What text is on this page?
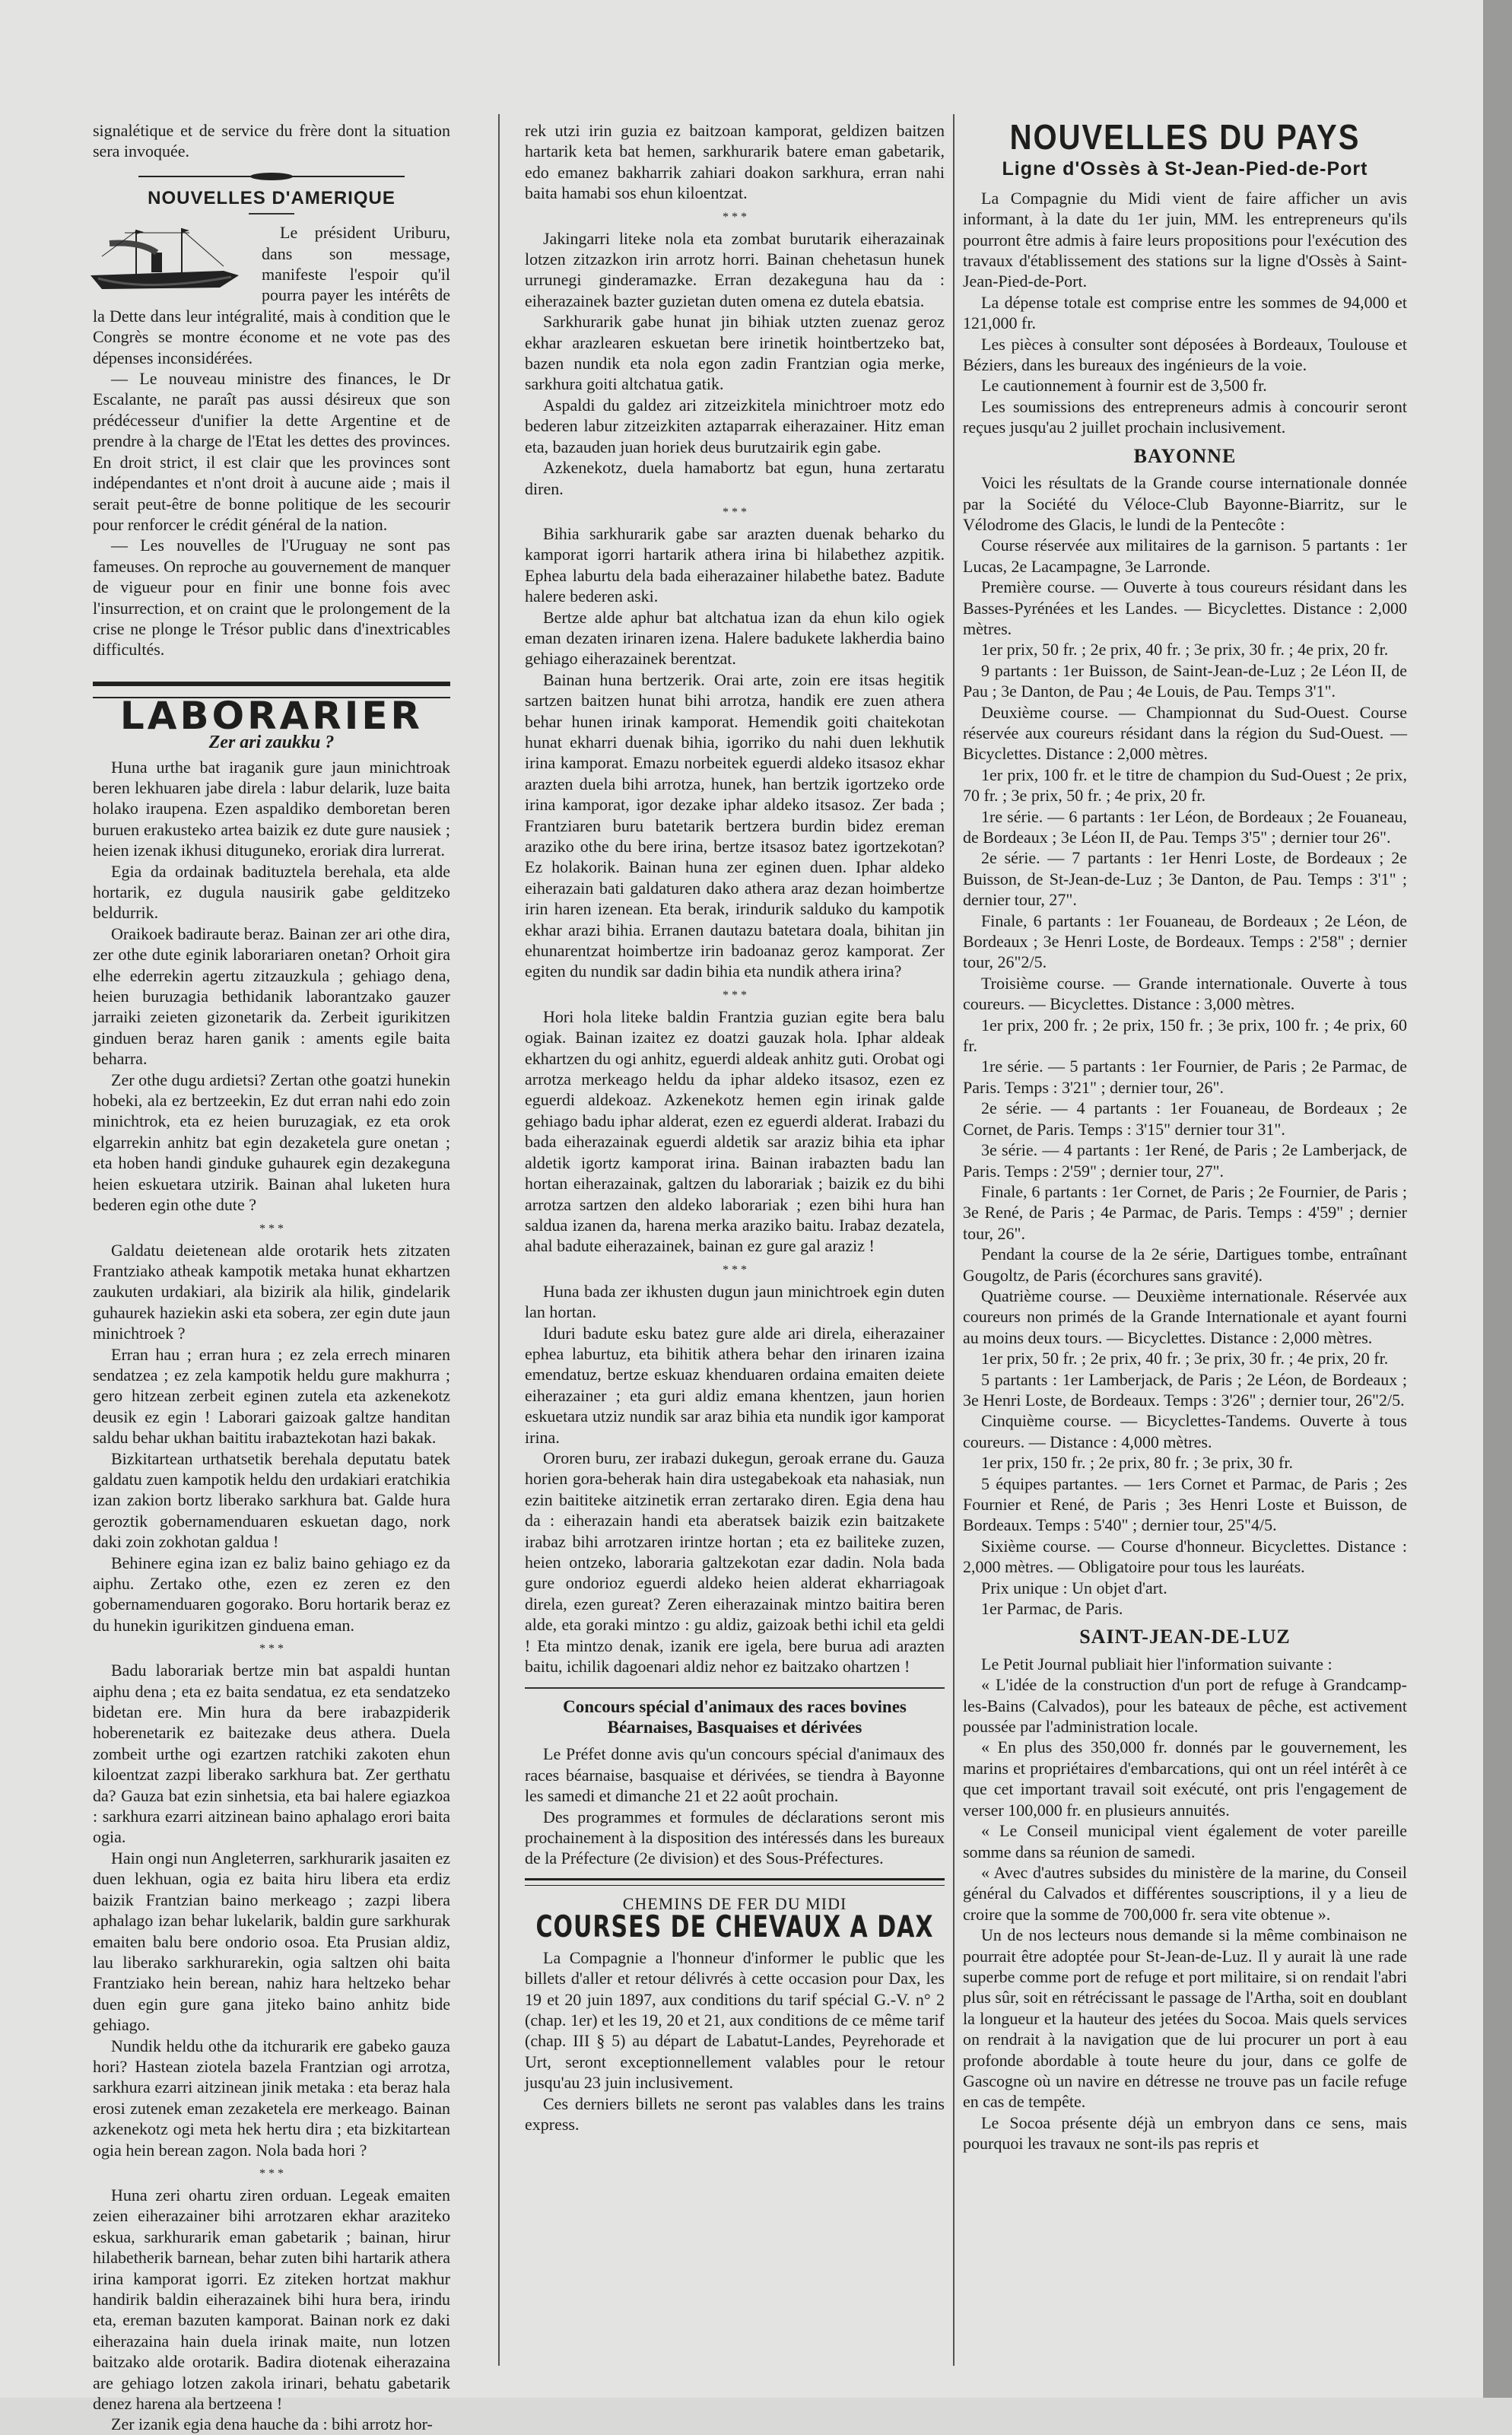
signalétique et de service du frère dont la situation sera invoquée.

NOUVELLES D'AMERIQUE

Le président Uriburu, dans son message, manifeste l'espoir qu'il pourra payer les intérêts de la Dette dans leur intégralité, mais à condition que le Congrès se montre économe et ne vote pas des dépenses inconsidérées.

— Le nouveau ministre des finances, le Dr Escalante, ne paraît pas aussi désireux que son prédécesseur d'unifier la dette Argentine et de prendre à la charge de l'Etat les dettes des provinces. En droit strict, il est clair que les provinces sont indépendantes et n'ont droit à aucune aide ; mais il serait peut-être de bonne politique de les secourir pour renforcer le crédit général de la nation.

— Les nouvelles de l'Uruguay ne sont pas fameuses. On reproche au gouvernement de manquer de vigueur pour en finir une bonne fois avec l'insurrection, et on craint que le prolongement de la crise ne plonge le Trésor public dans d'inextricables difficultés.

LABORARIER
Zer ari zaukku ?

Huna urthe bat iraganik gure jaun minichtroak beren lekhuaren jabe direla : labur delarik, luze baita holako iraupena. Ezen aspaldiko demboretan beren buruen erakusteko artea baizik ez dute gure nausiek ; heien izenak ikhusi dituguneko, eroriak dira lurrerat.

Egia da ordainak badituztela berehala, eta alde hortarik, ez dugula nausirik gabe gelditzeko beldurrik.

Oraikoek badiraute beraz. Bainan zer ari othe dira, zer othe dute eginik laborariaren onetan? Orhoit gira elhe ederrekin agertu zitzauzkula ; gehiago dena, heien buruzagia bethidanik laborantzako gauzer jarraiki zeieten gizonetarik da. Zerbeit igurikitzen ginduen beraz haren ganik : aments egile baita beharra.

Zer othe dugu ardietsi? Zertan othe goatzi hunekin hobeki, ala ez bertzeekin, Ez dut erran nahi edo zoin minichtrok, eta ez heien buruzagiak, ez eta orok elgarrekin anhitz bat egin dezaketela gure onetan ; eta hoben handi ginduke guhaurek egin dezakeguna heien eskuetara utzirik. Bainan ahal luketen hura bederen egin othe dute ?

* * *

Galdatu deietenean alde orotarik hets zitzaten Frantziako atheak kampotik metaka hunat ekhartzen zaukuten urdakiari, ala bizirik ala hilik, gindelarik guhaurek haziekin aski eta sobera, zer egin dute jaun minichtroek ?

Erran hau ; erran hura ; ez zela errech minaren sendatzea ; ez zela kampotik heldu gure makhurra ; gero hitzean zerbeit eginen zutela eta azkenekotz deusik ez egin ! Laborari gaizoak galtze handitan saldu behar ukhan baititu irabaztekotan hazi bakak.

Bizkitartean urthatsetik berehala deputatu batek galdatu zuen kampotik heldu den urdakiari eratchikia izan zakion bortz liberako sarkhura bat. Galde hura geroztik gobernamenduaren eskuetan dago, nork daki zoin zokhotan galdua !

Behinere egina izan ez baliz baino gehiago ez da aiphu. Zertako othe, ezen ez zeren ez den gobernamenduaren gogorako. Boru hortarik beraz ez du hunekin igurikitzen ginduena eman.

* * *

Badu laborariak bertze min bat aspaldi huntan aiphu dena ; eta ez baita sendatua, ez eta sendatzeko bidetan ere. Min hura da bere irabazpiderik hoberenetarik ez baitezake deus athera. Duela zombeit urthe ogi ezartzen ratchiki zakoten ehun kiloentzat zazpi liberako sarkhura bat. Zer gerthatu da? Gauza bat ezin sinhetsia, eta bai halere egiazkoa : sarkhura ezarri aitzinean baino aphalago erori baita ogia.

Hain ongi nun Angleterren, sarkhurarik jasaiten ez duen lekhuan, ogia ez baita hiru libera eta erdiz baizik Frantzian baino merkeago ; zazpi libera aphalago izan behar lukelarik, baldin gure sarkhurak emaiten balu bere ondorio osoa. Eta Prusian aldiz, lau liberako sarkhurarekin, ogia saltzen ohi baita Frantziako hein berean, nahiz hara heltzeko behar duen egin gure gana jiteko baino anhitz bide gehiago.

Nundik heldu othe da itchurarik ere gabeko gauza hori? Hastean ziotela bazela Frantzian ogi arrotza, sarkhura ezarri aitzinean jinik metaka : eta beraz hala erosi zutenek eman zezaketela ere merkeago. Bainan azkenekotz ogi meta hek hertu dira ; eta bizkitartean ogia hein berean zagon. Nola bada hori ?

* * *

Huna zeri ohartu ziren orduan. Legeak emaiten zeien eiherazainer bihi arrotzaren ekhar araziteko eskua, sarkhurarik eman gabetarik ; bainan, hirur hilabetherik barnean, behar zuten bihi hartarik athera irina kamporat igorri. Ez ziteken hortzat makhur handirik baldin eiherazainek bihi hura bera, irindu eta, ereman bazuten kamporat. Bainan nork ez daki eiherazaina hain duela irinak maite, nun lotzen baitzako alde orotarik. Badira diotenak eiherazaina are gehiago lotzen zakola irinari, behatu gabetarik denez harena ala bertzeena !

Zer izanik egia dena hauche da : bihi arrotz hor-

rek utzi irin guzia ez baitzoan kamporat, geldizen baitzen hartarik keta bat hemen, sarkhurarik batere eman gabetarik, edo emanez bakharrik zahiari doakon sarkhura, erran nahi baita hamabi sos ehun kiloentzat.

* * *

Jakingarri liteke nola eta zombat burutarik eiherazainak lotzen zitzazkon irin arrotz horri. Bainan chehetasun hunek urrunegi ginderamazke. Erran dezakeguna hau da : eiherazainek bazter guzietan duten omena ez dutela ebatsia.

Sarkhurarik gabe hunat jin bihiak utzten zuenaz geroz ekhar arazlearen eskuetan bere irinetik hointbertzeko bat, bazen nundik eta nola egon zadin Frantzian ogia merke, sarkhura goiti altchatua gatik.

Aspaldi du galdez ari zitzeizkitela minichtroer motz edo bederen labur zitzeizkiten aztaparrak eiherazainer. Hitz eman eta, bazauden juan horiek deus burutzairik egin gabe.

Azkenekotz, duela hamabortz bat egun, huna zertaratu diren.

* * *

Bihia sarkhurarik gabe sar arazten duenak beharko du kamporat igorri hartarik athera irina bi hilabethez azpitik. Ephea laburtu dela bada eiherazainer hilabethe batez. Badute halere bederen aski.

Bertze alde aphur bat altchatua izan da ehun kilo ogiek eman dezaten irinaren izena. Halere badukete lakherdia baino gehiago eiherazainek berentzat.

Bainan huna bertzerik. Orai arte, zoin ere itsas hegitik sartzen baitzen hunat bihi arrotza, handik ere zuen athera behar hunen irinak kamporat. Hemendik goiti chaitekotan hunat ekharri duenak bihia, igorriko du nahi duen lekhutik irina kamporat. Emazu norbeitek eguerdi aldeko itsasoz ekhar arazten duela bihi arrotza, hunek, han bertzik igortzeko orde irina kamporat, igor dezake iphar aldeko itsasoz. Zer bada ; Frantziaren buru batetarik bertzera burdin bidez ereman araziko othe du bere irina, bertze itsasoz batez igortzekotan? Ez holakorik. Bainan huna zer eginen duen. Iphar aldeko eiherazain bati galdaturen dako athera araz dezan hoimbertze irin haren izenean. Eta berak, irindurik salduko du kampotik ekhar arazi bihia. Erranen dautazu batetara doala, bihitan jin ehunarentzat hoimbertze irin badoanaz geroz kamporat. Zer egiten du nundik sar dadin bihia eta nundik athera irina?

* * *

Hori hola liteke baldin Frantzia guzian egite bera balu ogiak. Bainan izaitez ez doatzi gauzak hola. Iphar aldeak ekhartzen du ogi anhitz, eguerdi aldeak anhitz guti. Orobat ogi arrotza merkeago heldu da iphar aldeko itsasoz, ezen ez eguerdi aldekoaz. Azkenekotz hemen egin irinak galde gehiago badu iphar alderat, ezen ez eguerdi alderat. Irabazi du bada eiherazainak eguerdi aldetik sar araziz bihia eta iphar aldetik igortz kamporat irina. Bainan irabazten badu lan hortan eiherazainak, galtzen du laborariak ; baizik ez du bihi arrotza sartzen den aldeko laborariak ; ezen bihi hura han saldua izanen da, harena merka araziko baitu. Irabaz dezatela, ahal badute eiherazainek, bainan ez gure gal araziz !

* * *

Huna bada zer ikhusten dugun jaun minichtroek egin duten lan hortan.

Iduri badute esku batez gure alde ari direla, eiherazainer ephea laburtuz, eta bihitik athera behar den irinaren izaina emendatuz, bertze eskuaz khenduaren ordaina emaiten deiete eiherazainer ; eta guri aldiz emana khentzen, jaun horien eskuetara utziz nundik sar araz bihia eta nundik igor kamporat irina.

Ororen buru, zer irabazi dukegun, geroak errane du. Gauza horien gora-beherak hain dira ustegabekoak eta nahasiak, nun ezin baititeke aitzinetik erran zertarako diren. Egia dena hau da : eiherazain handi eta aberatsek baizik ezin baitzakete irabaz bihi arrotzaren irintze hortan ; eta ez bailiteke zuzen, heien ontzeko, laboraria galtzekotan ezar dadin. Nola bada gure ondorioz eguerdi aldeko heien alderat ekharriagoak direla, ezen gureat? Zeren eiherazainak mintzo baitira beren alde, eta goraki mintzo : gu aldiz, gaizoak bethi ichil eta geldi ! Eta mintzo denak, izanik ere igela, bere burua adi arazten baitu, ichilik dagoenari aldiz nehor ez baitzako ohartzen !

Concours spécial d'animaux des races bovines Béarnaises, Basquaises et dérivées

Le Préfet donne avis qu'un concours spécial d'animaux des races béarnaise, basquaise et dérivées, se tiendra à Bayonne les samedi et dimanche 21 et 22 août prochain.

Des programmes et formules de déclarations seront mis prochainement à la disposition des intéressés dans les bureaux de la Préfecture (2e division) et des Sous-Préfectures.

CHEMINS DE FER DU MIDI
COURSES DE CHEVAUX A DAX

La Compagnie a l'honneur d'informer le public que les billets d'aller et retour délivrés à cette occasion pour Dax, les 19 et 20 juin 1897, aux conditions du tarif spécial G.-V. n° 2 (chap. 1er) et les 19, 20 et 21, aux conditions de ce même tarif (chap. III § 5) au départ de Labatut-Landes, Peyrehorade et Urt, seront exceptionnellement valables pour le retour jusqu'au 23 juin inclusivement.

Ces derniers billets ne seront pas valables dans les trains express.

NOUVELLES DU PAYS
Ligne d'Ossès à St-Jean-Pied-de-Port

La Compagnie du Midi vient de faire afficher un avis informant, à la date du 1er juin, MM. les entrepreneurs qu'ils pourront être admis à faire leurs propositions pour l'exécution des travaux d'établissement des stations sur la ligne d'Ossès à Saint-Jean-Pied-de-Port.

La dépense totale est comprise entre les sommes de 94,000 et 121,000 fr.

Les pièces à consulter sont déposées à Bordeaux, Toulouse et Béziers, dans les bureaux des ingénieurs de la voie.

Le cautionnement à fournir est de 3,500 fr.

Les soumissions des entrepreneurs admis à concourir seront reçues jusqu'au 2 juillet prochain inclusivement.

BAYONNE

Voici les résultats de la Grande course internationale donnée par la Société du Véloce-Club Bayonne-Biarritz, sur le Vélodrome des Glacis, le lundi de la Pentecôte :

Course réservée aux militaires de la garnison. 5 partants : 1er Lucas, 2e Lacampagne, 3e Larronde.

Première course. — Ouverte à tous coureurs résidant dans les Basses-Pyrénées et les Landes. — Bicyclettes. Distance : 2,000 mètres.

1er prix, 50 fr. ; 2e prix, 40 fr. ; 3e prix, 30 fr. ; 4e prix, 20 fr.

9 partants : 1er Buisson, de Saint-Jean-de-Luz ; 2e Léon II, de Pau ; 3e Danton, de Pau ; 4e Louis, de Pau. Temps 3'1".

Deuxième course. — Championnat du Sud-Ouest. Course réservée aux coureurs résidant dans la région du Sud-Ouest. — Bicyclettes. Distance : 2,000 mètres.

1er prix, 100 fr. et le titre de champion du Sud-Ouest ; 2e prix, 70 fr. ; 3e prix, 50 fr. ; 4e prix, 20 fr.

1re série. — 6 partants : 1er Léon, de Bordeaux ; 2e Fouaneau, de Bordeaux ; 3e Léon II, de Pau. Temps 3'5" ; dernier tour 26".

2e série. — 7 partants : 1er Henri Loste, de Bordeaux ; 2e Buisson, de St-Jean-de-Luz ; 3e Danton, de Pau. Temps : 3'1" ; dernier tour, 27".

Finale, 6 partants : 1er Fouaneau, de Bordeaux ; 2e Léon, de Bordeaux ; 3e Henri Loste, de Bordeaux. Temps : 2'58" ; dernier tour, 26"2/5.

Troisième course. — Grande internationale. Ouverte à tous coureurs. — Bicyclettes. Distance : 3,000 mètres.

1er prix, 200 fr. ; 2e prix, 150 fr. ; 3e prix, 100 fr. ; 4e prix, 60 fr.

1re série. — 5 partants : 1er Fournier, de Paris ; 2e Parmac, de Paris. Temps : 3'21" ; dernier tour, 26".

2e série. — 4 partants : 1er Fouaneau, de Bordeaux ; 2e Cornet, de Paris. Temps : 3'15" dernier tour 31".

3e série. — 4 partants : 1er René, de Paris ; 2e Lamberjack, de Paris. Temps : 2'59" ; dernier tour, 27".

Finale, 6 partants : 1er Cornet, de Paris ; 2e Fournier, de Paris ; 3e René, de Paris ; 4e Parmac, de Paris. Temps : 4'59" ; dernier tour, 26".

Pendant la course de la 2e série, Dartigues tombe, entraînant Gougoltz, de Paris (écorchures sans gravité).

Quatrième course. — Deuxième internationale. Réservée aux coureurs non primés de la Grande Internationale et ayant fourni au moins deux tours. — Bicyclettes. Distance : 2,000 mètres.

1er prix, 50 fr. ; 2e prix, 40 fr. ; 3e prix, 30 fr. ; 4e prix, 20 fr.

5 partants : 1er Lamberjack, de Paris ; 2e Léon, de Bordeaux ; 3e Henri Loste, de Bordeaux. Temps : 3'26" ; dernier tour, 26"2/5.

Cinquième course. — Bicyclettes-Tandems. Ouverte à tous coureurs. — Distance : 4,000 mètres.

1er prix, 150 fr. ; 2e prix, 80 fr. ; 3e prix, 30 fr.

5 équipes partantes. — 1ers Cornet et Parmac, de Paris ; 2es Fournier et René, de Paris ; 3es Henri Loste et Buisson, de Bordeaux. Temps : 5'40" ; dernier tour, 25"4/5.

Sixième course. — Course d'honneur. Bicyclettes. Distance : 2,000 mètres. — Obligatoire pour tous les lauréats.

Prix unique : Un objet d'art.

1er Parmac, de Paris.

SAINT-JEAN-DE-LUZ

Le Petit Journal publiait hier l'information suivante :

« L'idée de la construction d'un port de refuge à Grandcamp-les-Bains (Calvados), pour les bateaux de pêche, est activement poussée par l'administration locale.

« En plus des 350,000 fr. donnés par le gouvernement, les marins et propriétaires d'embarcations, qui ont un réel intérêt à ce que cet important travail soit exécuté, ont pris l'engagement de verser 100,000 fr. en plusieurs annuités.

« Le Conseil municipal vient également de voter pareille somme dans sa réunion de samedi.

« Avec d'autres subsides du ministère de la marine, du Conseil général du Calvados et différentes souscriptions, il y a lieu de croire que la somme de 700,000 fr. sera vite obtenue ».

Un de nos lecteurs nous demande si la même combinaison ne pourrait être adoptée pour St-Jean-de-Luz. Il y aurait là une rade superbe comme port de refuge et port militaire, si on rendait l'abri plus sûr, soit en rétrécissant le passage de l'Artha, soit en doublant la longueur et la hauteur des jetées du Socoa. Mais quels services on rendrait à la navigation que de lui procurer un port à eau profonde abordable à toute heure du jour, dans ce golfe de Gascogne où un navire en détresse ne trouve pas un facile refuge en cas de tempête.

Le Socoa présente déjà un embryon dans ce sens, mais pourquoi les travaux ne sont-ils pas repris et
